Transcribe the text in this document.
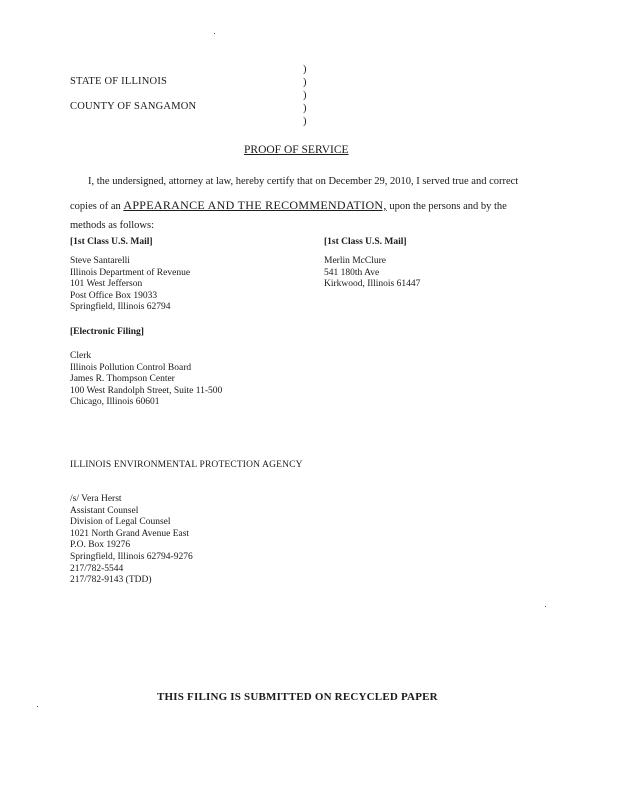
STATE OF ILLINOIS
COUNTY OF SANGAMON
)
)
)
)
)
PROOF OF SERVICE
I, the undersigned, attorney at law, hereby certify that on December 29, 2010, I served true and correct
copies of an APPEARANCE AND THE RECOMMENDATION, upon the persons and by the
methods as follows:
[1st Class U.S. Mail]	[1st Class U.S. Mail]
Steve Santarelli
Illinois Department of Revenue
101 West Jefferson
Post Office Box 19033
Springfield, Illinois 62794
Merlin McClure
541 180th Ave
Kirkwood, Illinois 61447
[Electronic Filing]
Clerk
Illinois Pollution Control Board
James R. Thompson Center
100 West Randolph Street, Suite 11-500
Chicago, Illinois 60601
ILLINOIS ENVIRONMENTAL PROTECTION AGENCY
/s/ Vera Herst
Assistant Counsel
Division of Legal Counsel
1021 North Grand Avenue East
P.O. Box 19276
Springfield, Illinois 62794-9276
217/782-5544
217/782-9143 (TDD)
THIS FILING IS SUBMITTED ON RECYCLED PAPER
